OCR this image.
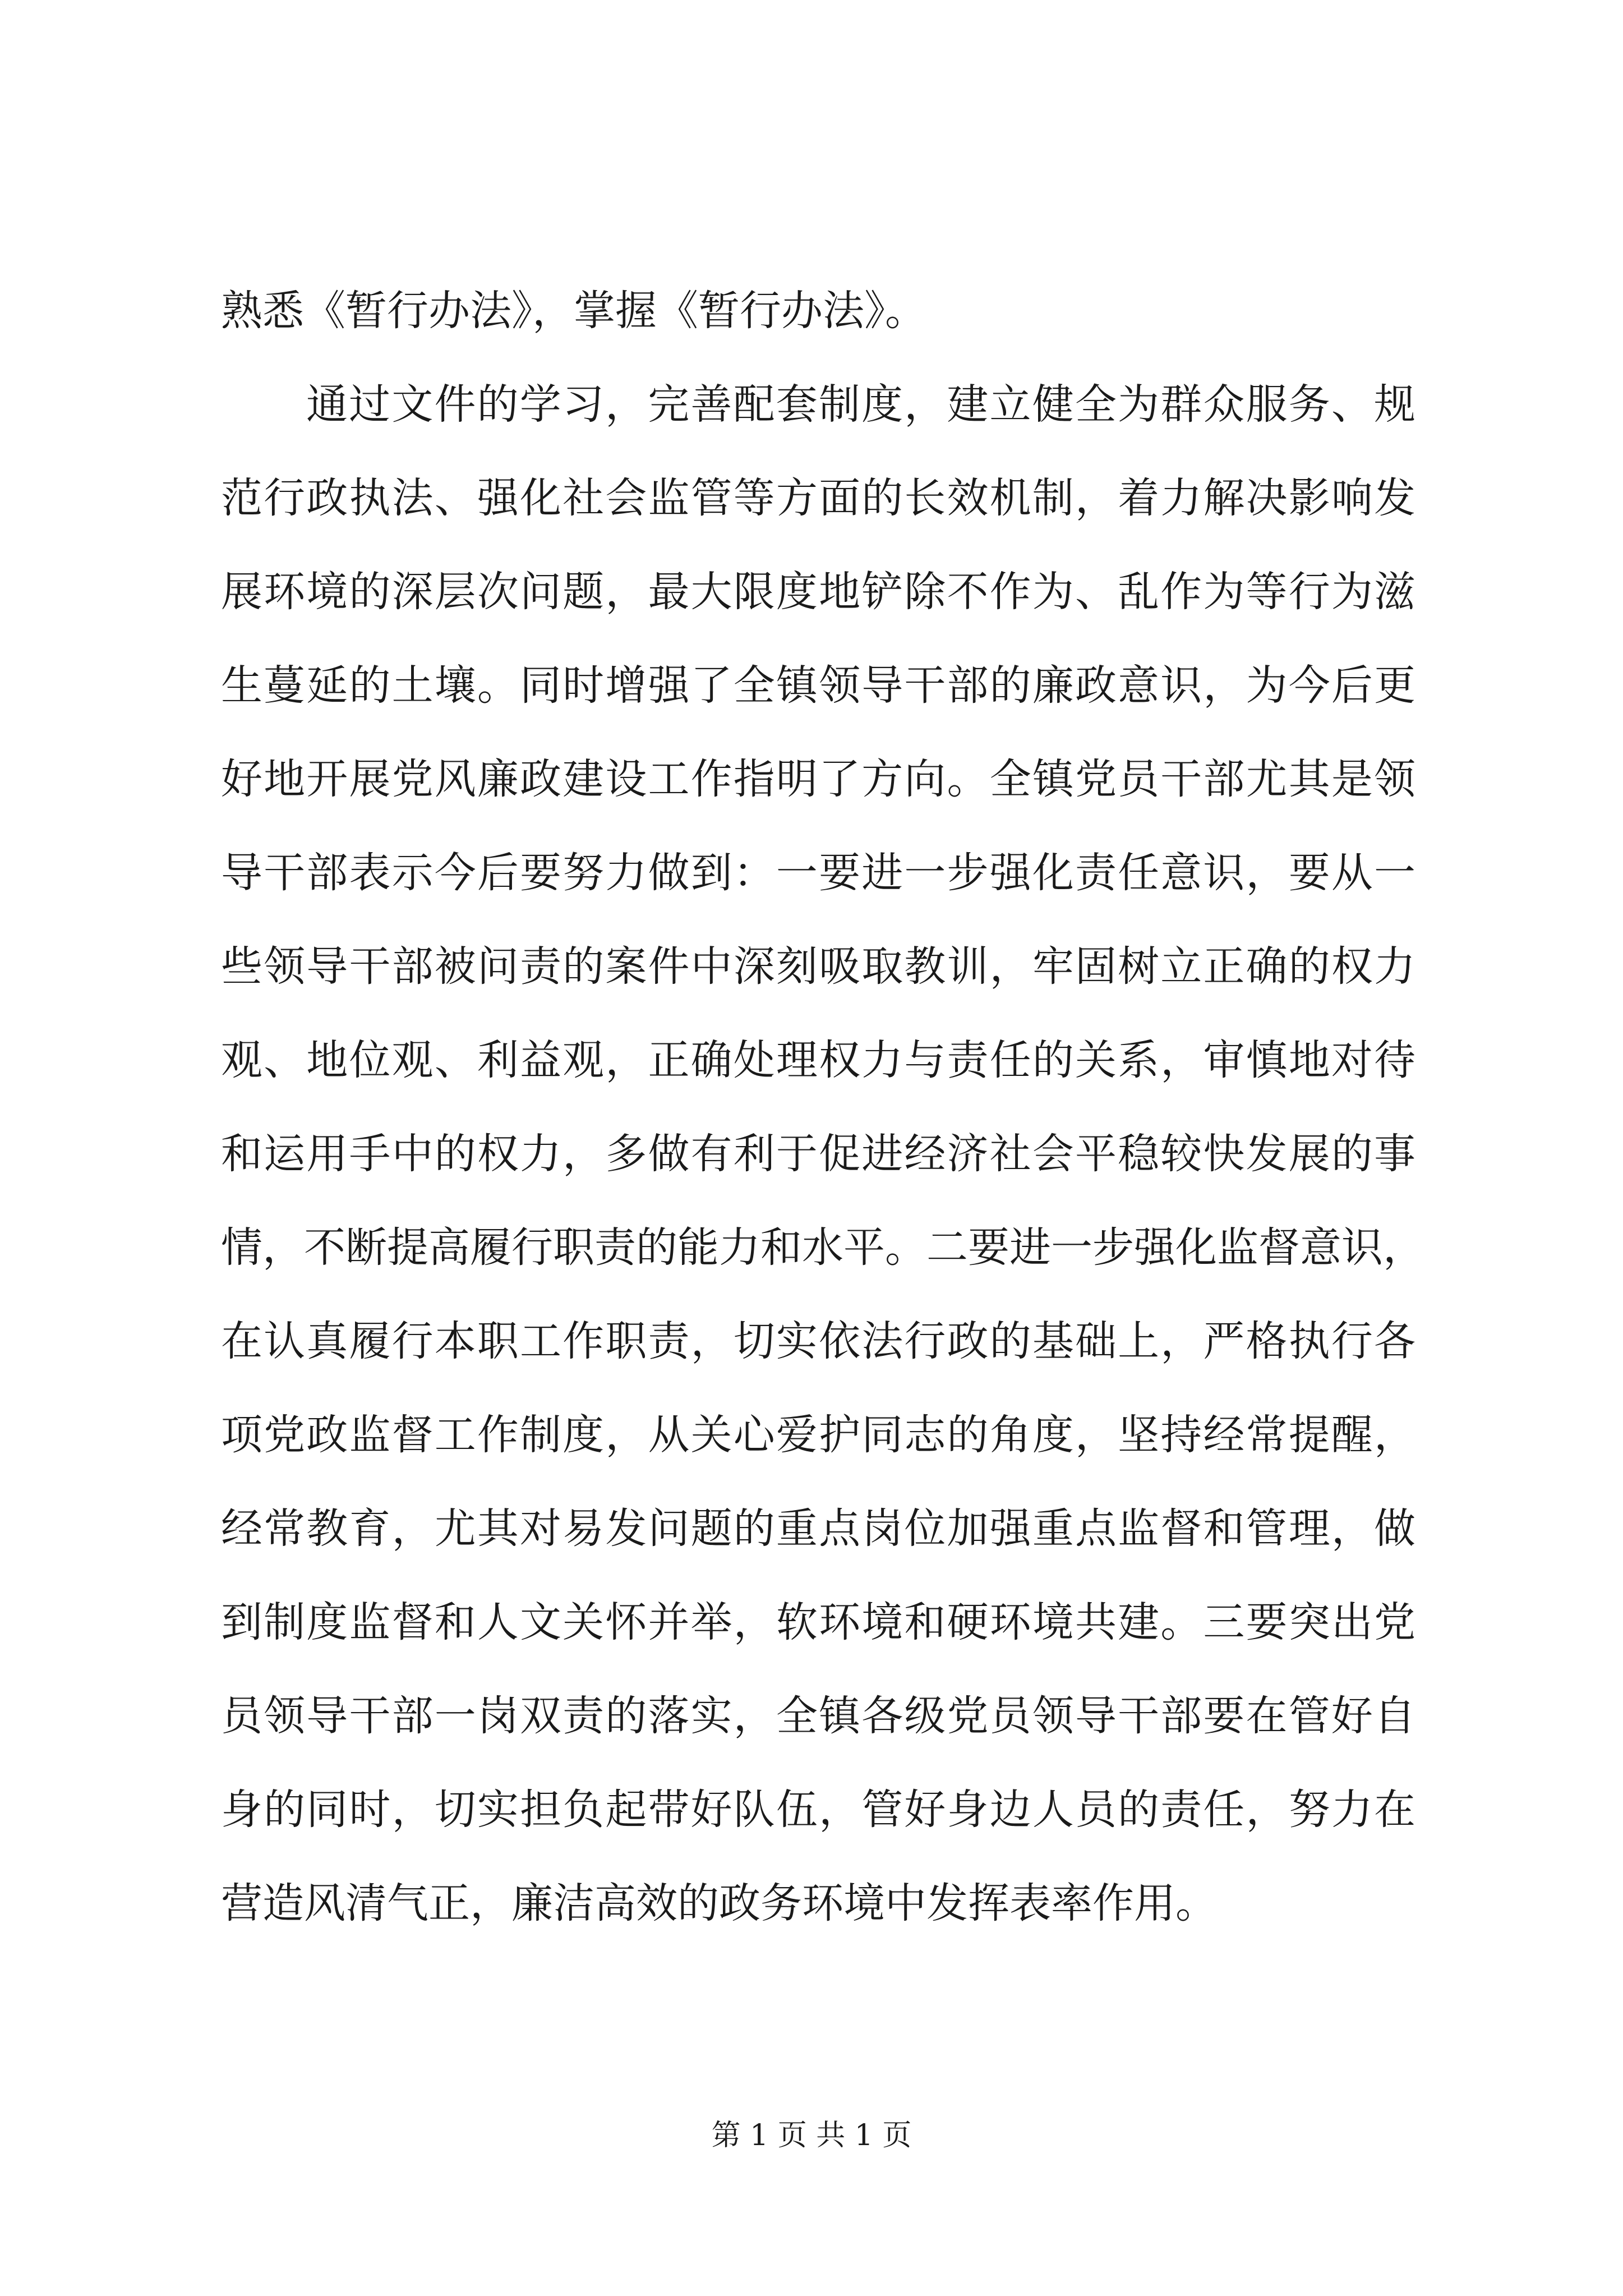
熟悉《暂行办法》，掌握《暂行办法》。
通过文件的学习，完善配套制度，建立健全为群众服务、规
范行政执法、强化社会监管等方面的长效机制，着力解决影响发
展环境的深层次问题，最大限度地铲除不作为、乱作为等行为滋
生蔓延的土壤。同时增强了全镇领导干部的廉政意识，为今后更
好地开展党风廉政建设工作指明了方向。全镇党员干部尤其是领
导干部表示今后要努力做到：一要进一步强化责任意识，要从一
些领导干部被问责的案件中深刻吸取教训，牢固树立正确的权力
观、地位观、利益观，正确处理权力与责任的关系，审慎地对待
和运用手中的权力，多做有利于促进经济社会平稳较快发展的事
情，不断提高履行职责的能力和水平。二要进一步强化监督意识，
在认真履行本职工作职责，切实依法行政的基础上，严格执行各
项党政监督工作制度，从关心爱护同志的角度，坚持经常提醒，
经常教育，尤其对易发问题的重点岗位加强重点监督和管理，做
到制度监督和人文关怀并举，软环境和硬环境共建。三要突出党
员领导干部一岗双责的落实，全镇各级党员领导干部要在管好自
身的同时，切实担负起带好队伍，管好身边人员的责任，努力在
营造风清气正，廉洁高效的政务环境中发挥表率作用。
第 1 页 共 1 页
